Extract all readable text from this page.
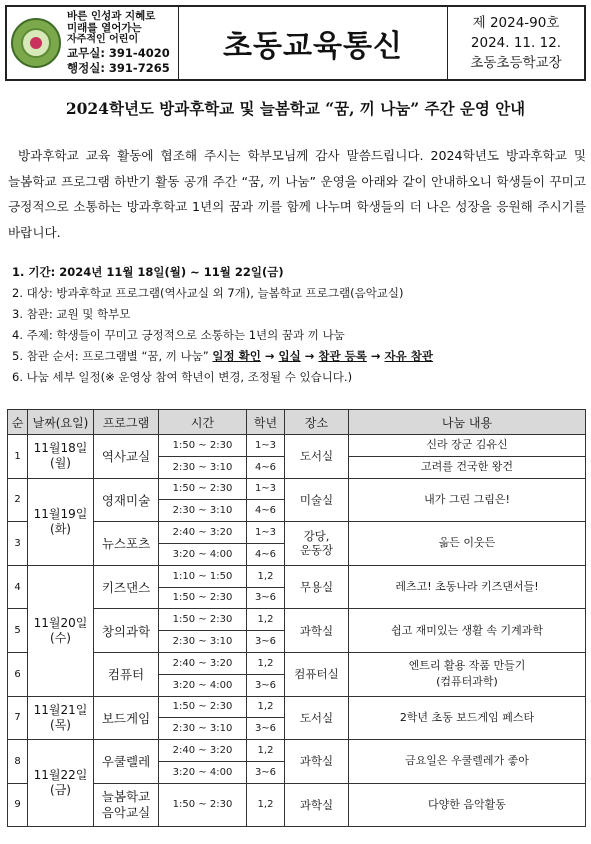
바른 인성과 지혜로
미래를 열어가는
자주적인 어린이
교무실: 391-4020
행정실: 391-7265
초동교육통신
제 2024-90호
2024. 11. 12.
초동초등학교장
2024학년도 방과후학교 및 늘봄학교 “꿈, 끼 나눔” 주간 운영 안내
방과후학교 교육 활동에 협조해 주시는 학부모님께 감사 말씀드립니다. 2024학년도 방과후학교 및 늘봄학교 프로그램 하반기 활동 공개 주간 “꿈, 끼 나눔” 운영을 아래와 같이 안내하오니 학생들이 꾸미고 긍정적으로 소통하는 방과후학교 1년의 꿈과 끼를 함께 나누며 학생들의 더 나은 성장을 응원해 주시기를 바랍니다.
1. 기간: 2024년 11월 18일(월) ~ 11월 22일(금)
2. 대상: 방과후학교 프로그램(역사교실 외 7개), 늘봄학교 프로그램(음악교실)
3. 참관: 교원 및 학부모
4. 주제: 학생들이 꾸미고 긍정적으로 소통하는 1년의 꿈과 끼 나눔
5. 참관 순서: 프로그램별 “꿈, 끼 나눔” 일정 확인 → 입실 → 참관 등록 → 자유 참관
6. 나눔 세부 일정(※ 운영상 참여 학년이 변경, 조정될 수 있습니다.)
순	날짜(요일)	프로그램	시간	학년	장소	나눔 내용
1	11월18일
(월)	역사교실	1:50 ~ 2:30	1~3	도서실	신라 장군 김유신
			2:30 ~ 3:10	4~6		고려를 건국한 왕건
2	11월19일
(화)	영재미술	1:50 ~ 2:30	1~3	미술실	내가 그린 그림은!
			2:30 ~ 3:10	4~6		
3		뉴스포츠	2:40 ~ 3:20	1~3	강당,
운동장	옮든 이웃든
			3:20 ~ 4:00	4~6		
4	11월20일
(수)	키즈댄스	1:10 ~ 1:50	1,2	무용실	레츠고! 초동나라 키즈댄서들!
			1:50 ~ 2:30	3~6		
5		창의과학	1:50 ~ 2:30	1,2	과학실	쉽고 재미있는 생활 속 기계과학
			2:30 ~ 3:10	3~6		
6		컴퓨터	2:40 ~ 3:20	1,2	컴퓨터실	엔트리 활용 작품 만들기
(컴퓨터과학)

			3:20 ~ 4:00	3~6		
7	11월21일
(목)	보드게임	1:50 ~ 2:30	1,2	도서실	2학년 초동 보드게임 페스타
			2:30 ~ 3:10	3~6		
8	11월22일
(금)	우쿨렐레	2:40 ~ 3:20	1,2	과학실	금요일은 우쿨렐레가 좋아
			3:20 ~ 4:00	3~6		
9		늘봄학교
음악교실	1:50 ~ 2:30	1,2	과학실	다양한 음악활동
